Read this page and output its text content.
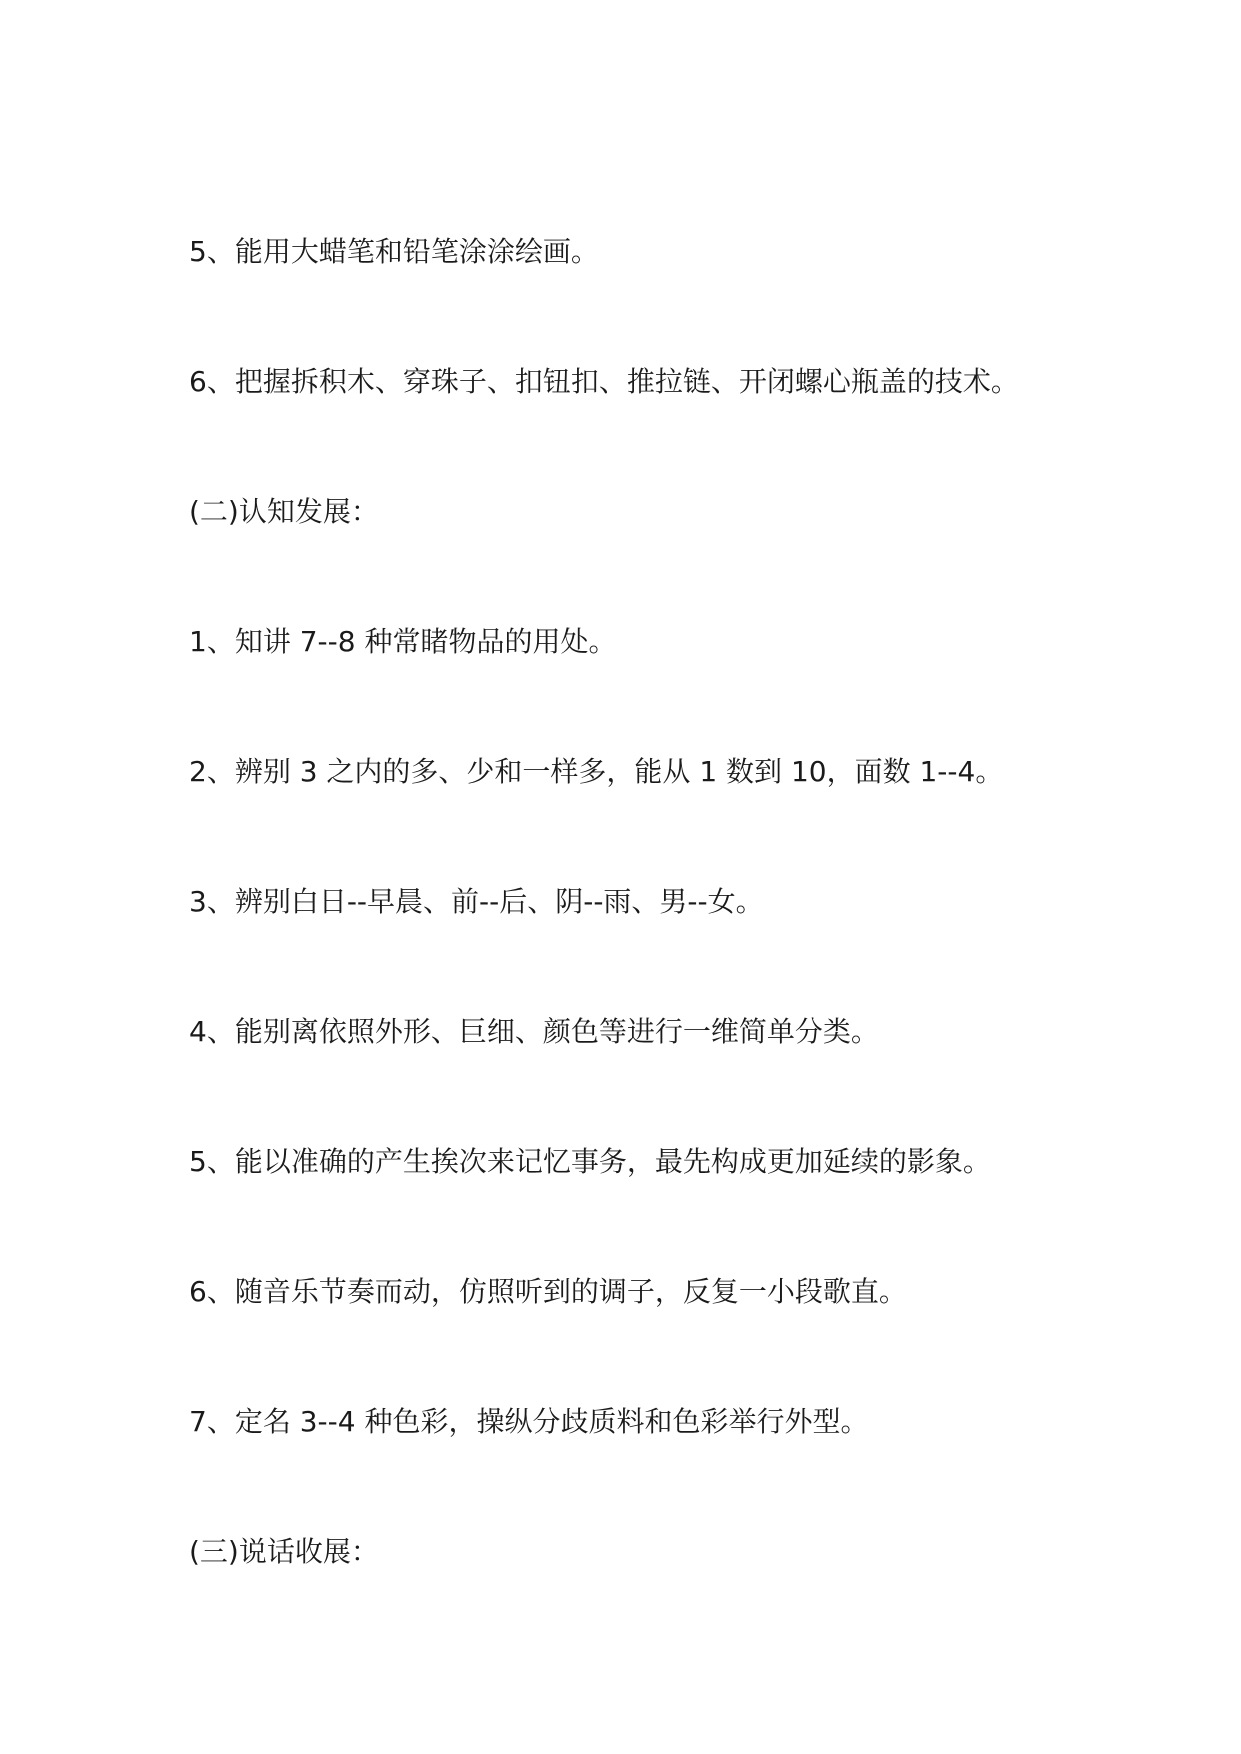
5、能用大蜡笔和铅笔涂涂绘画。
6、把握拆积木、穿珠子、扣钮扣、推拉链、开闭螺心瓶盖的技术。
(二)认知发展：
1、知讲 7--8 种常睹物品的用处。
2、辨别 3 之内的多、少和一样多，能从 1 数到 10，面数 1--4。
3、辨别白日--早晨、前--后、阴--雨、男--女。
4、能别离依照外形、巨细、颜色等进行一维简单分类。
5、能以准确的产生挨次来记忆事务，最先构成更加延续的影象。
6、随音乐节奏而动，仿照听到的调子，反复一小段歌直。
7、定名 3--4 种色彩，操纵分歧质料和色彩举行外型。
(三)说话收展：
